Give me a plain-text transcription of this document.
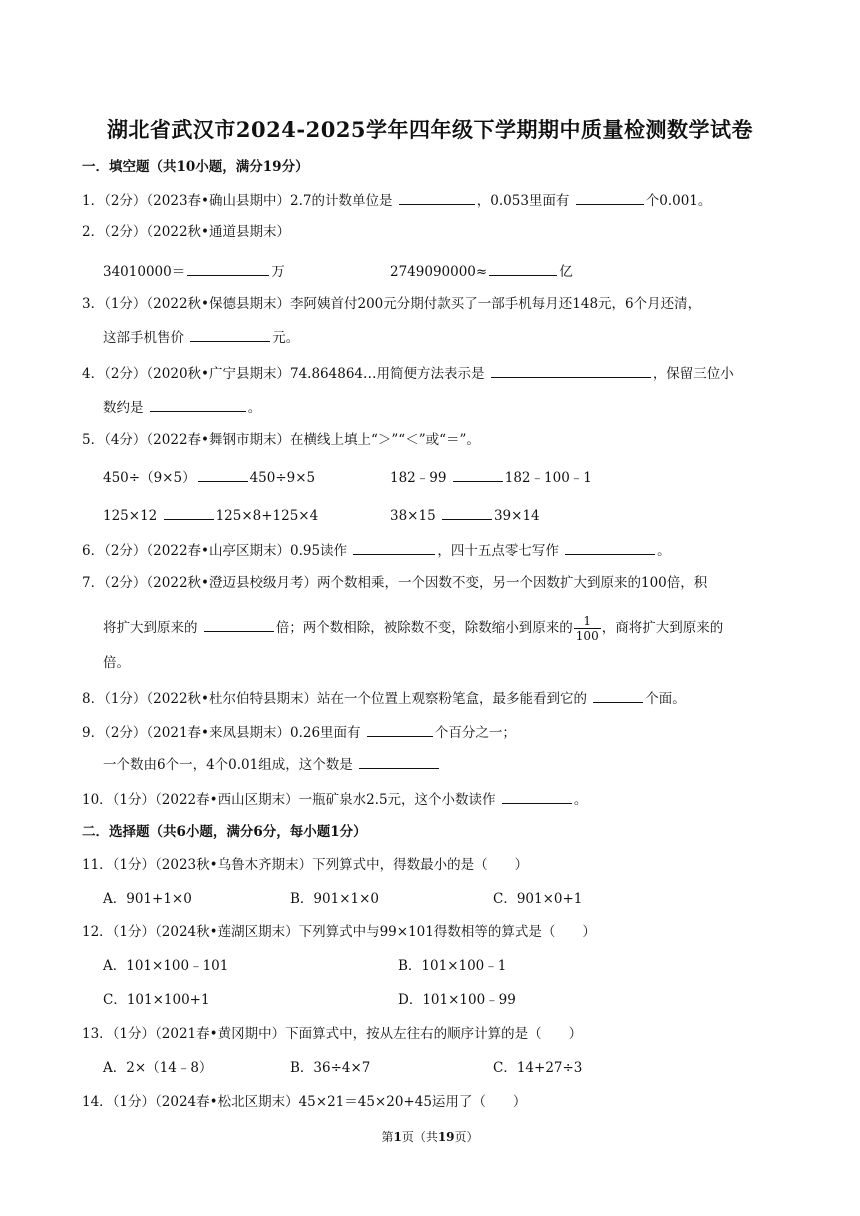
湖北省武汉市2024-2025学年四年级下学期期中质量检测数学试卷
一．填空题（共10小题，满分19分）
1．（2分）（2023春•确山县期中）2.7的计数单位是	，0.053里面有	个0.001。
2．（2分）（2022秋•通道县期末）
34010000＝	万	2749090000≈	亿
3．（1分）（2022秋•保德县期末）李阿姨首付200元分期付款买了一部手机每月还148元，6个月还清，
这部手机售价	元。
4．（2分）（2020秋•广宁县期末）74.864864…用简便方法表示是	，保留三位小
数约是	。
5．（4分）（2022春•舞钢市期末）在横线上填上“＞”“＜”或“＝”。
450÷（9×5）	450÷9×5	182﹣99	182﹣100﹣1
125×12	125×8+125×4	38×15	39×14
6．（2分）（2022春•山亭区期末）0.95读作	，四十五点零七写作	。
7．（2分）（2022秋•澄迈县校级月考）两个数相乘，一个因数不变，另一个因数扩大到原来的100倍，积
将扩大到原来的	倍；两个数相除，被除数不变，除数缩小到原来的 $\frac{1}{100}$ ，商将扩大到原来的
倍。
8．（1分）（2022秋•杜尔伯特县期末）站在一个位置上观察粉笔盒，最多能看到它的	个面。
9．（2分）（2021春•来凤县期末）0.26里面有	个百分之一；
一个数由6个一，4个0.01组成，这个数是
10．（1分）（2022春•西山区期末）一瓶矿泉水2.5元，这个小数读作	。
二．选择题（共6小题，满分6分，每小题1分）
11．（1分）（2023秋•乌鲁木齐期末）下列算式中，得数最小的是（　　）
A．901+1×0	B．901×1×0	C．901×0+1
12．（1分）（2024秋•莲湖区期末）下列算式中与99×101得数相等的算式是（　　）
A．101×100﹣101	B．101×100﹣1
C．101×100+1	D．101×100﹣99
13．（1分）（2021春•黄冈期中）下面算式中，按从左往右的顺序计算的是（　　）
A．2×（14﹣8）	B．36÷4×7	C．14+27÷3
14．（1分）（2024春•松北区期末）45×21＝45×20+45运用了（　　）
第1页（共19页）
